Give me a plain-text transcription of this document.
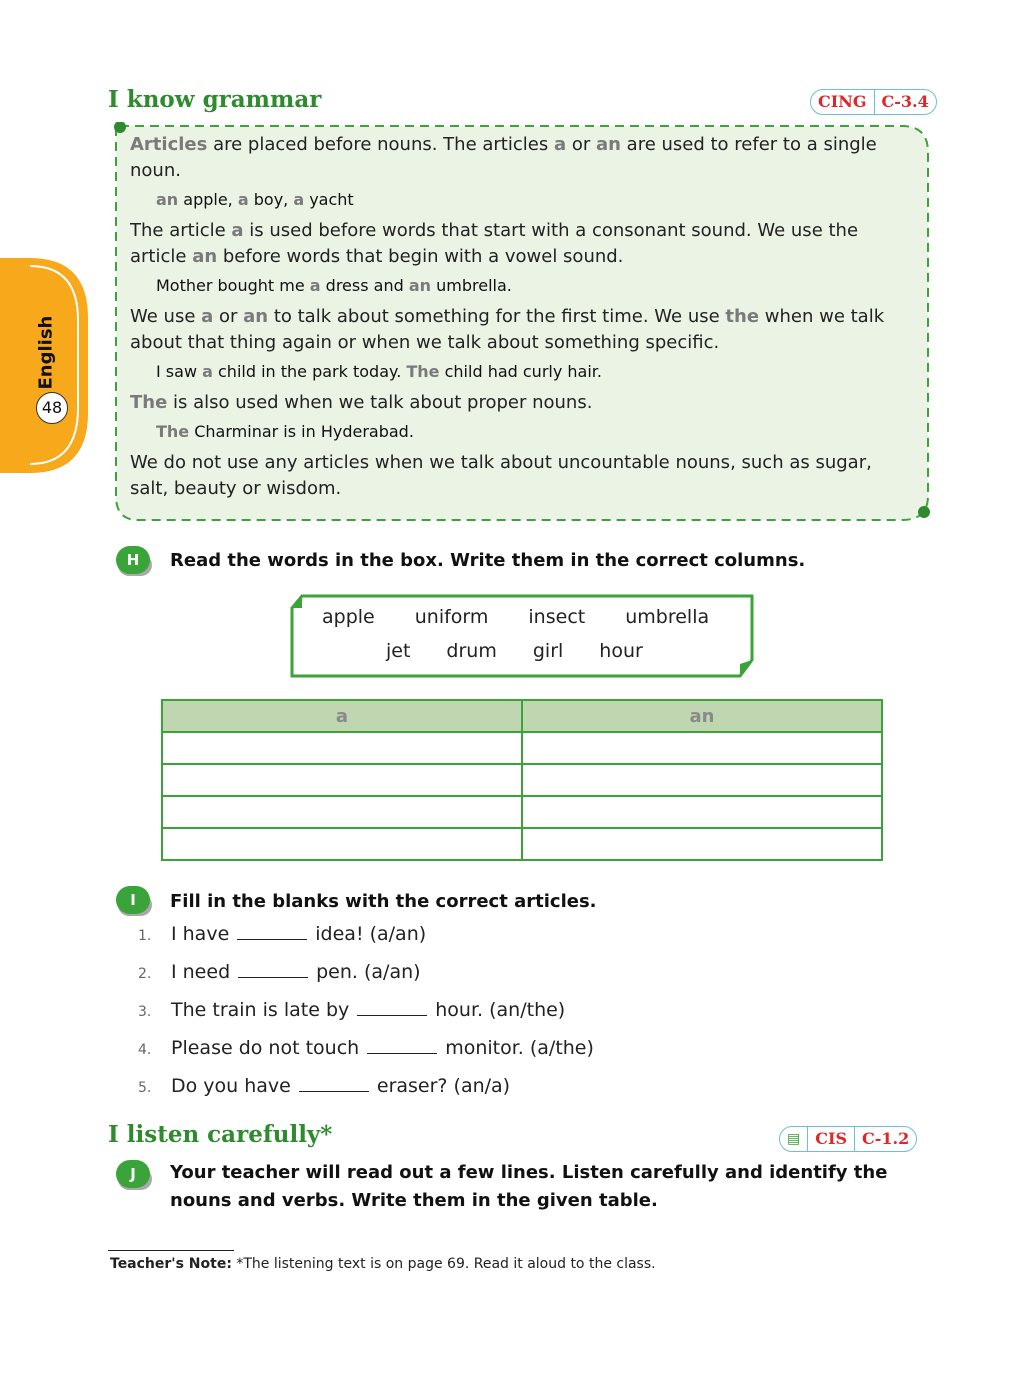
English
48
I know grammar	CING C-3.4
Articles are placed before nouns. The articles a or an are used to refer to a single noun.
an apple, a boy, a yacht
The article a is used before words that start with a consonant sound. We use the article an before words that begin with a vowel sound.
Mother bought me a dress and an umbrella.
We use a or an to talk about something for the first time. We use the when we talk about that thing again or when we talk about something specific.
I saw a child in the park today. The child had curly hair.
The is also used when we talk about proper nouns.
The Charminar is in Hyderabad.
We do not use any articles when we talk about uncountable nouns, such as sugar, salt, beauty or wisdom.
H	Read the words in the box. Write them in the correct columns.
apple uniform insect umbrella
jet drum girl hour
a	an

I	Fill in the blanks with the correct articles.
1. I have	idea! (a/an)
2. I need	pen. (a/an)
3. The train is late by	hour. (an/the)
4. Please do not touch	monitor. (a/the)
5. Do you have	eraser? (an/a)
I listen carefully*	▤ CIS C-1.2
J	Your teacher will read out a few lines. Listen carefully and identify the
nouns and verbs. Write them in the given table.
Teacher's Note: *The listening text is on page 69. Read it aloud to the class.
